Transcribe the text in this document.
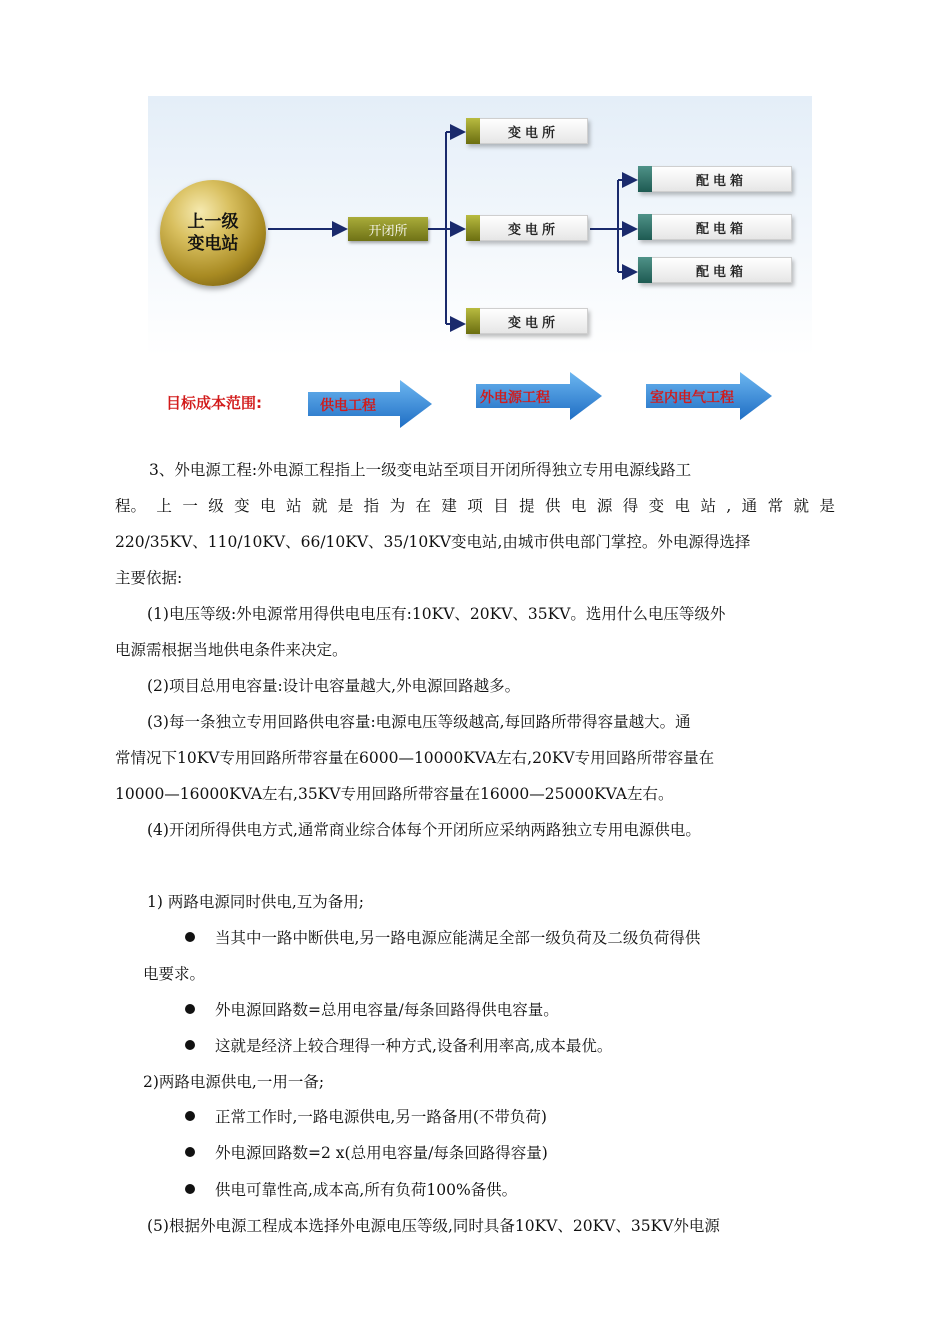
上一级
变电站
开闭所
变电所
变电所
变电所
配电箱
配电箱
配电箱
目标成本范围:	供电工程	外电源工程	室内电气工程
3、外电源工程:外电源工程指上一级变电站至项目开闭所得独立专用电源线路工
程。 上 一 级 变 电 站 就 是 指 为 在 建 项 目 提 供 电 源 得 变 电 站 , 通 常 就 是
220/35KV、110/10KV、66/10KV、35/10KV变电站,由城市供电部门掌控。外电源得选择
主要依据:
(1)电压等级:外电源常用得供电电压有:10KV、20KV、35KV。选用什么电压等级外
电源需根据当地供电条件来决定。
(2)项目总用电容量:设计电容量越大,外电源回路越多。
(3)每一条独立专用回路供电容量:电源电压等级越高,每回路所带得容量越大。通
常情况下10KV专用回路所带容量在6000—10000KVA左右,20KV专用回路所带容量在
10000—16000KVA左右,35KV专用回路所带容量在16000—25000KVA左右。
(4)开闭所得供电方式,通常商业综合体每个开闭所应采纳两路独立专用电源供电。
1) 两路电源同时供电,互为备用;
当其中一路中断供电,另一路电源应能满足全部一级负荷及二级负荷得供
电要求。
外电源回路数=总用电容量/每条回路得供电容量。
这就是经济上较合理得一种方式,设备利用率高,成本最优。
2)两路电源供电,一用一备;
正常工作时,一路电源供电,另一路备用(不带负荷)
外电源回路数=2 x(总用电容量/每条回路得容量)
供电可靠性高,成本高,所有负荷100%备供。
(5)根据外电源工程成本选择外电源电压等级,同时具备10KV、20KV、35KV外电源
